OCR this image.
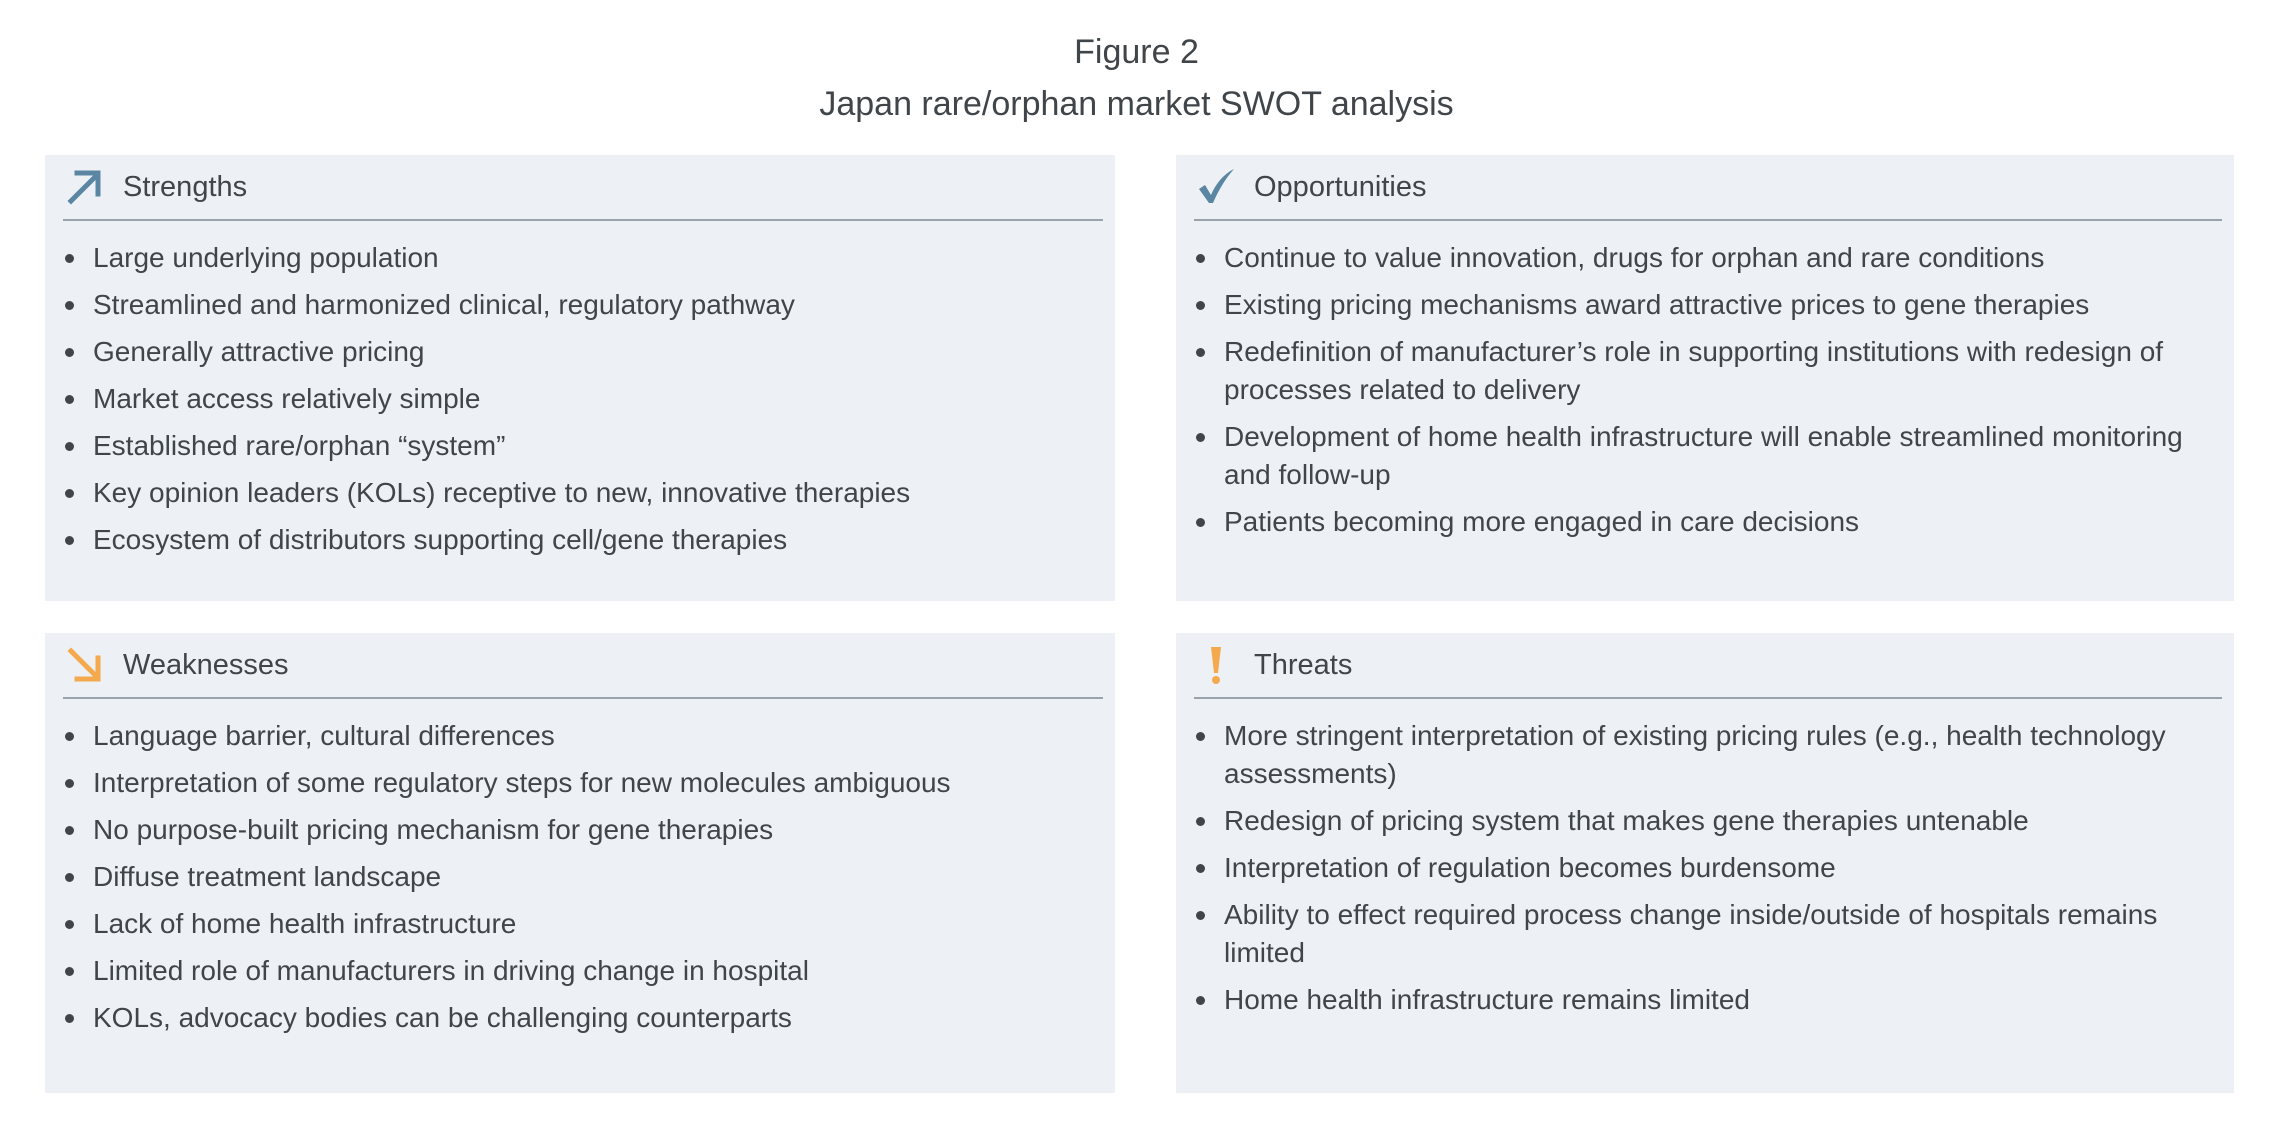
Figure 2
Japan rare/orphan market SWOT analysis
Strengths
Large underlying population
Streamlined and harmonized clinical, regulatory pathway
Generally attractive pricing
Market access relatively simple
Established rare/orphan “system”
Key opinion leaders (KOLs) receptive to new, innovative therapies
Ecosystem of distributors supporting cell/gene therapies
Opportunities
Continue to value innovation, drugs for orphan and rare conditions
Existing pricing mechanisms award attractive prices to gene therapies
Redefinition of manufacturer’s role in supporting institutions with redesign of processes related to delivery
Development of home health infrastructure will enable streamlined monitoring and follow-up
Patients becoming more engaged in care decisions
Weaknesses
Language barrier, cultural differences
Interpretation of some regulatory steps for new molecules ambiguous
No purpose-built pricing mechanism for gene therapies
Diffuse treatment landscape
Lack of home health infrastructure
Limited role of manufacturers in driving change in hospital
KOLs, advocacy bodies can be challenging counterparts
Threats
More stringent interpretation of existing pricing rules (e.g., health technology assessments)
Redesign of pricing system that makes gene therapies untenable
Interpretation of regulation becomes burdensome
Ability to effect required process change inside/outside of hospitals remains limited
Home health infrastructure remains limited
